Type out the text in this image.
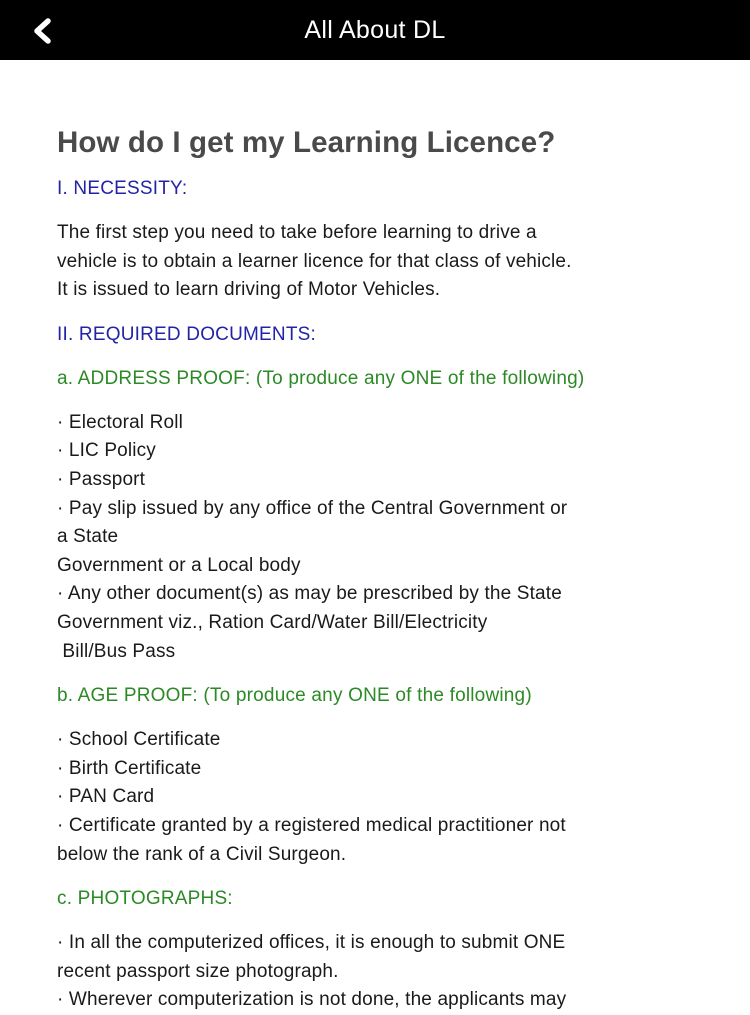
All About DL
How do I get my Learning Licence?
I. NECESSITY:
The first step you need to take before learning to drive a
vehicle is to obtain a learner licence for that class of vehicle.
It is issued to learn driving of Motor Vehicles.
II. REQUIRED DOCUMENTS:
a. ADDRESS PROOF: (To produce any ONE of the following)
· Electoral Roll
· LIC Policy
· Passport
· Pay slip issued by any office of the Central Government or
a State
Government or a Local body
· Any other document(s) as may be prescribed by the State
Government viz., Ration Card/Water Bill/Electricity
Bill/Bus Pass
b. AGE PROOF: (To produce any ONE of the following)
· School Certificate
· Birth Certificate
· PAN Card
· Certificate granted by a registered medical practitioner not
below the rank of a Civil Surgeon.
c. PHOTOGRAPHS:
· In all the computerized offices, it is enough to submit ONE
recent passport size photograph.
· Wherever computerization is not done, the applicants may
